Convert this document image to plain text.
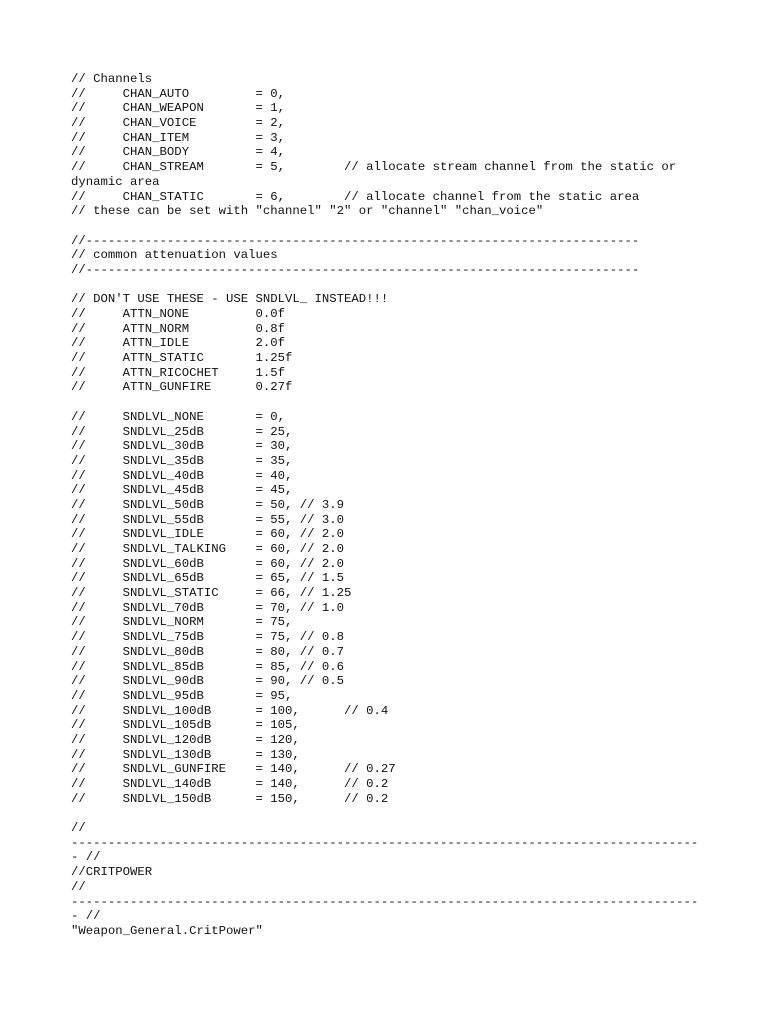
// Channels
//     CHAN_AUTO         = 0,
//     CHAN_WEAPON       = 1,
//     CHAN_VOICE        = 2,
//     CHAN_ITEM         = 3,
//     CHAN_BODY         = 4,
//     CHAN_STREAM       = 5,        // allocate stream channel from the static or
dynamic area
//     CHAN_STATIC       = 6,        // allocate channel from the static area
// these can be set with "channel" "2" or "channel" "chan_voice"
//---------------------------------------------------------------------------
// common attenuation values
//---------------------------------------------------------------------------
// DON'T USE THESE - USE SNDLVL_ INSTEAD!!!
//     ATTN_NONE         0.0f
//     ATTN_NORM         0.8f
//     ATTN_IDLE         2.0f
//     ATTN_STATIC       1.25f
//     ATTN_RICOCHET     1.5f
//     ATTN_GUNFIRE      0.27f
//     SNDLVL_NONE       = 0,
//     SNDLVL_25dB       = 25,
//     SNDLVL_30dB       = 30,
//     SNDLVL_35dB       = 35,
//     SNDLVL_40dB       = 40,
//     SNDLVL_45dB       = 45,
//     SNDLVL_50dB       = 50, // 3.9
//     SNDLVL_55dB       = 55, // 3.0
//     SNDLVL_IDLE       = 60, // 2.0
//     SNDLVL_TALKING    = 60, // 2.0
//     SNDLVL_60dB       = 60, // 2.0
//     SNDLVL_65dB       = 65, // 1.5
//     SNDLVL_STATIC     = 66, // 1.25
//     SNDLVL_70dB       = 70, // 1.0
//     SNDLVL_NORM       = 75,
//     SNDLVL_75dB       = 75, // 0.8
//     SNDLVL_80dB       = 80, // 0.7
//     SNDLVL_85dB       = 85, // 0.6
//     SNDLVL_90dB       = 90, // 0.5
//     SNDLVL_95dB       = 95,
//     SNDLVL_100dB      = 100,      // 0.4
//     SNDLVL_105dB      = 105,
//     SNDLVL_120dB      = 120,
//     SNDLVL_130dB      = 130,
//     SNDLVL_GUNFIRE    = 140,      // 0.27
//     SNDLVL_140dB      = 140,      // 0.2
//     SNDLVL_150dB      = 150,      // 0.2
//
-------------------------------------------------------------------------------------
- //
//CRITPOWER
//
-------------------------------------------------------------------------------------
- //
"Weapon_General.CritPower"
